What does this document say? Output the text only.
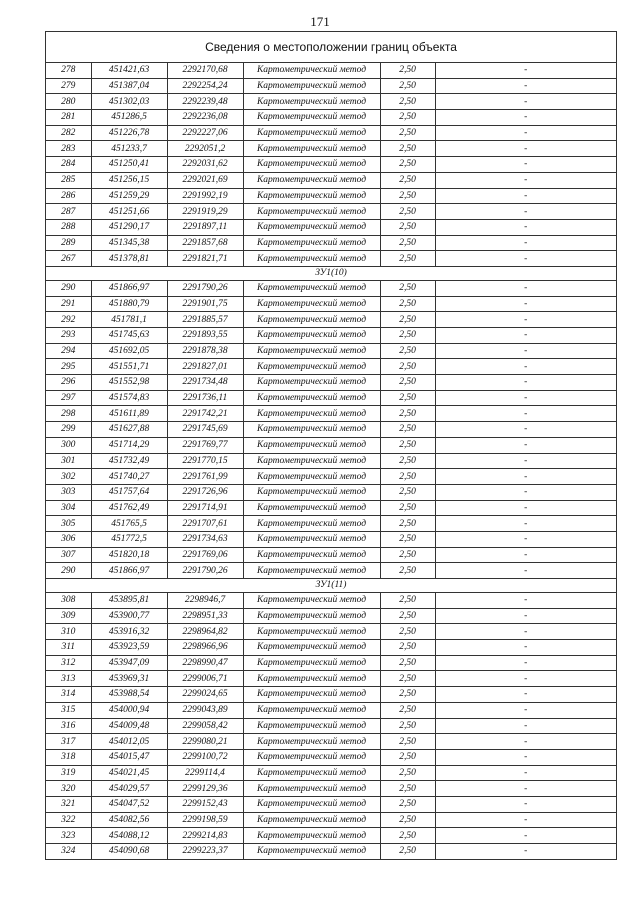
171
Сведения о местоположении границ объекта
278	451421,63	2292170,68	Картометрический метод	2,50	-
279	451387,04	2292254,24	Картометрический метод	2,50	-
280	451302,03	2292239,48	Картометрический метод	2,50	-
281	451286,5	2292236,08	Картометрический метод	2,50	-
282	451226,78	2292227,06	Картометрический метод	2,50	-
283	451233,7	2292051,2	Картометрический метод	2,50	-
284	451250,41	2292031,62	Картометрический метод	2,50	-
285	451256,15	2292021,69	Картометрический метод	2,50	-
286	451259,29	2291992,19	Картометрический метод	2,50	-
287	451251,66	2291919,29	Картометрический метод	2,50	-
288	451290,17	2291897,11	Картометрический метод	2,50	-
289	451345,38	2291857,68	Картометрический метод	2,50	-
267	451378,81	2291821,71	Картометрический метод	2,50	-
ЗУ1(10)					
290	451866,97	2291790,26	Картометрический метод	2,50	-
291	451880,79	2291901,75	Картометрический метод	2,50	-
292	451781,1	2291885,57	Картометрический метод	2,50	-
293	451745,63	2291893,55	Картометрический метод	2,50	-
294	451692,05	2291878,38	Картометрический метод	2,50	-
295	451551,71	2291827,01	Картометрический метод	2,50	-
296	451552,98	2291734,48	Картометрический метод	2,50	-
297	451574,83	2291736,11	Картометрический метод	2,50	-
298	451611,89	2291742,21	Картометрический метод	2,50	-
299	451627,88	2291745,69	Картометрический метод	2,50	-
300	451714,29	2291769,77	Картометрический метод	2,50	-
301	451732,49	2291770,15	Картометрический метод	2,50	-
302	451740,27	2291761,99	Картометрический метод	2,50	-
303	451757,64	2291726,96	Картометрический метод	2,50	-
304	451762,49	2291714,91	Картометрический метод	2,50	-
305	451765,5	2291707,61	Картометрический метод	2,50	-
306	451772,5	2291734,63	Картометрический метод	2,50	-
307	451820,18	2291769,06	Картометрический метод	2,50	-
290	451866,97	2291790,26	Картометрический метод	2,50	-
ЗУ1(11)					
308	453895,81	2298946,7	Картометрический метод	2,50	-
309	453900,77	2298951,33	Картометрический метод	2,50	-
310	453916,32	2298964,82	Картометрический метод	2,50	-
311	453923,59	2298966,96	Картометрический метод	2,50	-
312	453947,09	2298990,47	Картометрический метод	2,50	-
313	453969,31	2299006,71	Картометрический метод	2,50	-
314	453988,54	2299024,65	Картометрический метод	2,50	-
315	454000,94	2299043,89	Картометрический метод	2,50	-
316	454009,48	2299058,42	Картометрический метод	2,50	-
317	454012,05	2299080,21	Картометрический метод	2,50	-
318	454015,47	2299100,72	Картометрический метод	2,50	-
319	454021,45	2299114,4	Картометрический метод	2,50	-
320	454029,57	2299129,36	Картометрический метод	2,50	-
321	454047,52	2299152,43	Картометрический метод	2,50	-
322	454082,56	2299198,59	Картометрический метод	2,50	-
323	454088,12	2299214,83	Картометрический метод	2,50	-
324	454090,68	2299223,37	Картометрический метод	2,50	-
